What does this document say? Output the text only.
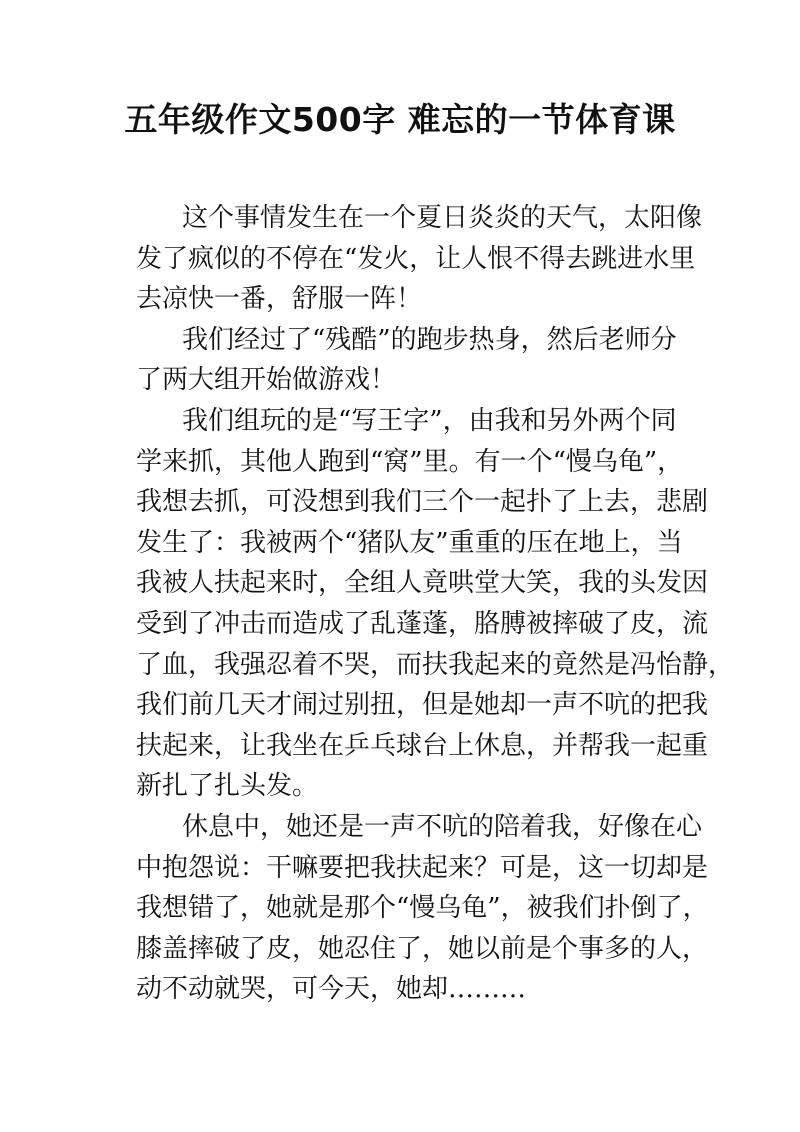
五年级作文500字 难忘的一节体育课
这个事情发生在一个夏日炎炎的天气，太阳像
发了疯似的不停在“发火，让人恨不得去跳进水里
去凉快一番，舒服一阵！
我们经过了“残酷”的跑步热身，然后老师分
了两大组开始做游戏！
我们组玩的是“写王字”，由我和另外两个同
学来抓，其他人跑到“窝”里。有一个“慢乌龟”，
我想去抓，可没想到我们三个一起扑了上去，悲剧
发生了：我被两个“猪队友”重重的压在地上，当
我被人扶起来时，全组人竟哄堂大笑，我的头发因
受到了冲击而造成了乱蓬蓬，胳膊被摔破了皮，流
了血，我强忍着不哭，而扶我起来的竟然是冯怡静，
我们前几天才闹过别扭，但是她却一声不吭的把我
扶起来，让我坐在乒乓球台上休息，并帮我一起重
新扎了扎头发。
休息中，她还是一声不吭的陪着我，好像在心
中抱怨说：干嘛要把我扶起来？可是，这一切却是
我想错了，她就是那个“慢乌龟”，被我们扑倒了，
膝盖摔破了皮，她忍住了，她以前是个事多的人，
动不动就哭，可今天，她却………
